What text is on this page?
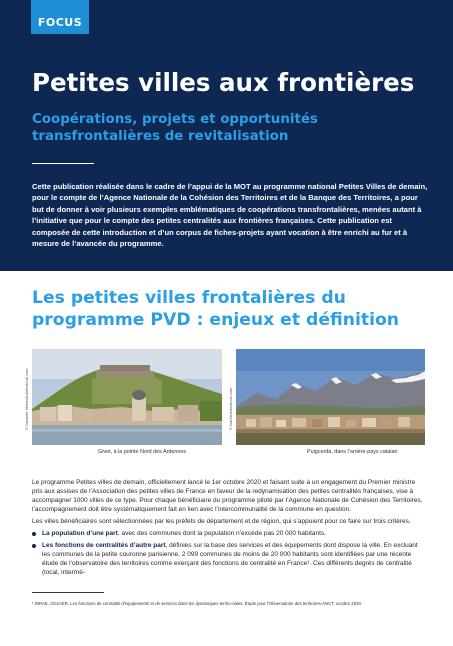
FOCUS
Petites villes aux frontières
Coopérations, projets et opportunités transfrontalières de revitalisation

Cette publication réalisée dans le cadre de l’appui de la MOT au programme national Petites Villes de demain, pour le compte de l’Agence Nationale de la Cohésion des Territoires et de la Banque des Territoires, a pour but de donner à voir plusieurs exemples emblématiques de coopérations transfrontalières, menées autant à l’initiative que pour le compte des petites centralités aux frontières françaises. Cette publication est composée de cette introduction et d’un corpus de fiches-projets ayant vocation à être enrichi au fur et à mesure de l’avancée du programme.

Les petites villes frontalières du programme PVD : enjeux et définition
© Danielle Martin/Adobestock.com
Givet, à la pointe Nord des Ardennes
© Ivan/Adobestock.com
Puigcerdà, dans l’arrière-pays catalan

Le programme Petites villes de demain, officiellement lancé le 1er octobre 2020 et faisant suite à un engagement du Premier ministre pris aux assises de l’Association des petites villes de France en faveur de la redynamisation des petites centralités françaises, vise à accompagner 1000 villes de ce type. Pour chaque bénéficiaire du programme piloté par l’Agence Nationale de Cohésion des Territoires, l’accompagnement doit être systématiquement fait en lien avec l’intercommunalité de la commune en question.

Les villes bénéficiaires sont sélectionnées par les préfets de département et de région, qui s’appuient pour ce faire sur trois critères.

La population d’une part, avec des communes dont la population n’excède pas 20 000 habitants.
Les fonctions de centralités d’autre part, définies sur la base des services et des équipements dont dispose la ville. En excluant les communes de la petite couronne parisienne, 2 099 communes de moins de 20 000 habitants sont identifiées par une récente étude de l’observatoire des territoires comme exerçant des fonctions de centralité en France¹. Ces différents degrés de centralité (local, intermé-
¹ INRAE, CESAER, Les fonctions de centralité d’équipements et de services dans les dynamiques territo-riales, Étude pour l’Observatoire des territoires-ANCT, octobre 2020.
